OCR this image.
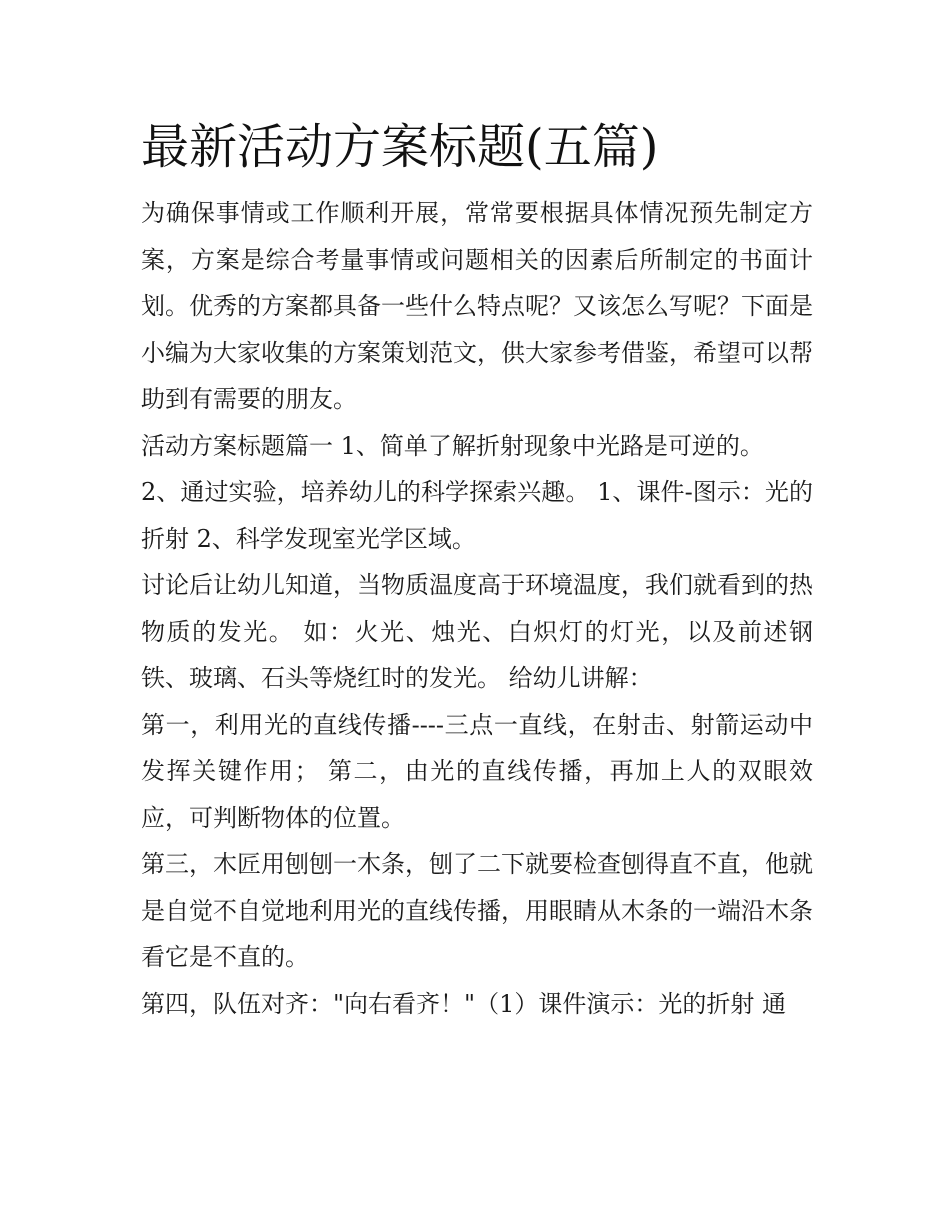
最新活动方案标题(五篇)

为确保事情或工作顺利开展，常常要根据具体情况预先制定方案，方案是综合考量事情或问题相关的因素后所制定的书面计划。优秀的方案都具备一些什么特点呢？又该怎么写呢？下面是小编为大家收集的方案策划范文，供大家参考借鉴，希望可以帮助到有需要的朋友。

活动方案标题篇一 1、简单了解折射现象中光路是可逆的。

2、通过实验，培养幼儿的科学探索兴趣。 1、课件-图示：光的折射 2、科学发现室光学区域。

讨论后让幼儿知道，当物质温度高于环境温度，我们就看到的热物质的发光。 如：火光、烛光、白炽灯的灯光，以及前述钢铁、玻璃、石头等烧红时的发光。 给幼儿讲解：

第一，利用光的直线传播----三点一直线，在射击、射箭运动中发挥关键作用； 第二，由光的直线传播，再加上人的双眼效应，可判断物体的位置。

第三，木匠用刨刨一木条，刨了二下就要检查刨得直不直，他就是自觉不自觉地利用光的直线传播，用眼睛从木条的一端沿木条看它是不直的。

第四，队伍对齐："向右看齐！"（1）课件演示：光的折射 通
